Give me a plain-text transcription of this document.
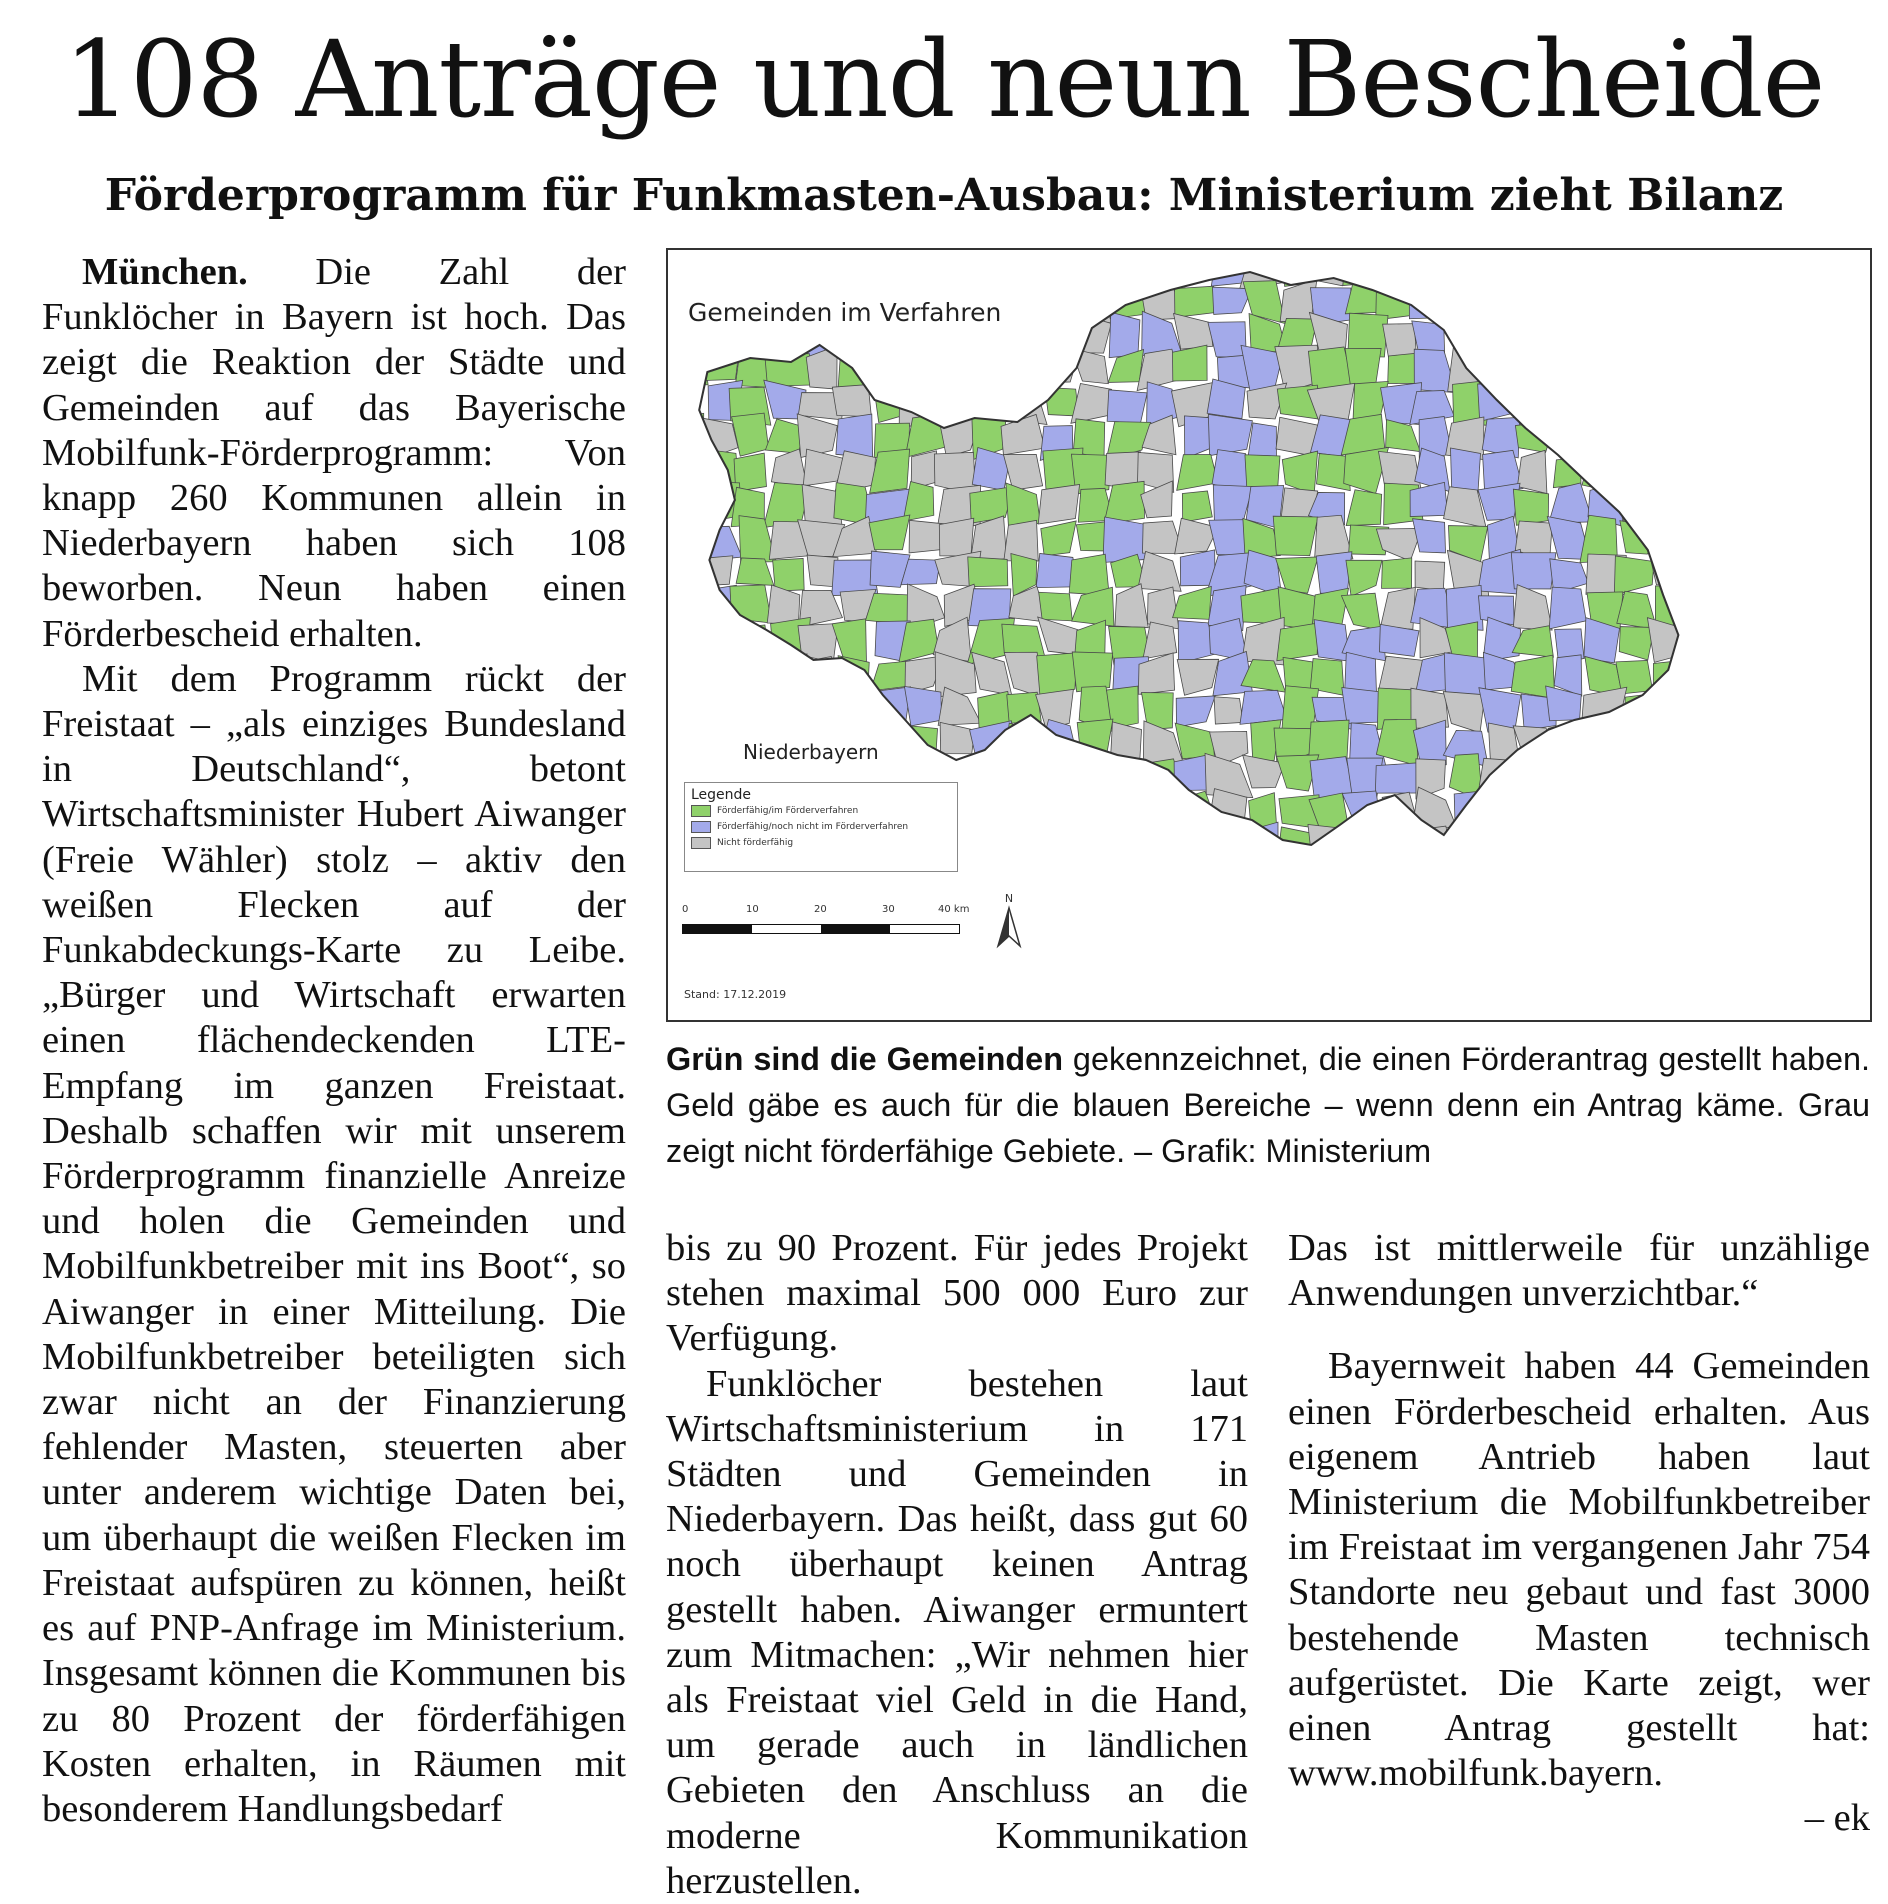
108 Anträge und neun Bescheide
Förderprogramm für Funkmasten-Ausbau: Ministerium zieht Bilanz

München. Die Zahl der Funklöcher in Bayern ist hoch. Das zeigt die Reaktion der Städte und Gemeinden auf das Bayerische Mobilfunk-Förderprogramm: Von knapp 260 Kommunen allein in Niederbayern haben sich 108 beworben. Neun haben einen Förderbescheid erhalten.

Mit dem Programm rückt der Freistaat – „als einziges Bundesland in Deutschland“, betont Wirtschaftsminister Hubert Aiwanger (Freie Wähler) stolz – aktiv den weißen Flecken auf der Funkabdeckungs-Karte zu Leibe. „Bürger und Wirtschaft erwarten einen flächendeckenden LTE-Empfang im ganzen Freistaat. Deshalb schaffen wir mit unserem Förderprogramm finanzielle Anreize und holen die Gemeinden und Mobilfunkbetreiber mit ins Boot“, so Aiwanger in einer Mitteilung. Die Mobilfunkbetreiber beteiligten sich zwar nicht an der Finanzierung fehlender Masten, steuerten aber unter anderem wichtige Daten bei, um überhaupt die weißen Flecken im Freistaat aufspüren zu können, heißt es auf PNP-Anfrage im Ministerium. Insgesamt können die Kommunen bis zu 80 Prozent der förderfähigen Kosten erhalten, in Räumen mit besonderem Handlungsbedarf

Gemeinden im Verfahren
Niederbayern
Legende
Förderfähig/im Förderverfahren
Förderfähig/noch nicht im Förderverfahren
Nicht förderfähig
0	10	20	30	40 km
N
Stand: 17.12.2019
Grün sind die Gemeinden gekennzeichnet, die einen Förderantrag gestellt haben. Geld gäbe es auch für die blauen Bereiche – wenn denn ein Antrag käme. Grau zeigt nicht förderfähige Gebiete. – Grafik: Ministerium

bis zu 90 Prozent. Für jedes Projekt stehen maximal 500 000 Euro zur Verfügung.

Funklöcher bestehen laut Wirtschaftsministerium in 171 Städten und Gemeinden in Niederbayern. Das heißt, dass gut 60 noch überhaupt keinen Antrag gestellt haben. Aiwanger ermuntert zum Mitmachen: „Wir nehmen hier als Freistaat viel Geld in die Hand, um gerade auch in ländlichen Gebieten den Anschluss an die moderne Kommunikation herzustellen.

Das ist mittlerweile für unzählige Anwendungen unverzichtbar.“

Bayernweit haben 44 Gemeinden einen Förderbescheid erhalten. Aus eigenem Antrieb haben laut Ministerium die Mobilfunkbetreiber im Freistaat im vergangenen Jahr 754 Standorte neu gebaut und fast 3000 bestehende Masten technisch aufgerüstet. Die Karte zeigt, wer einen Antrag gestellt hat: www.mobilfunk.bayern.

– ek
